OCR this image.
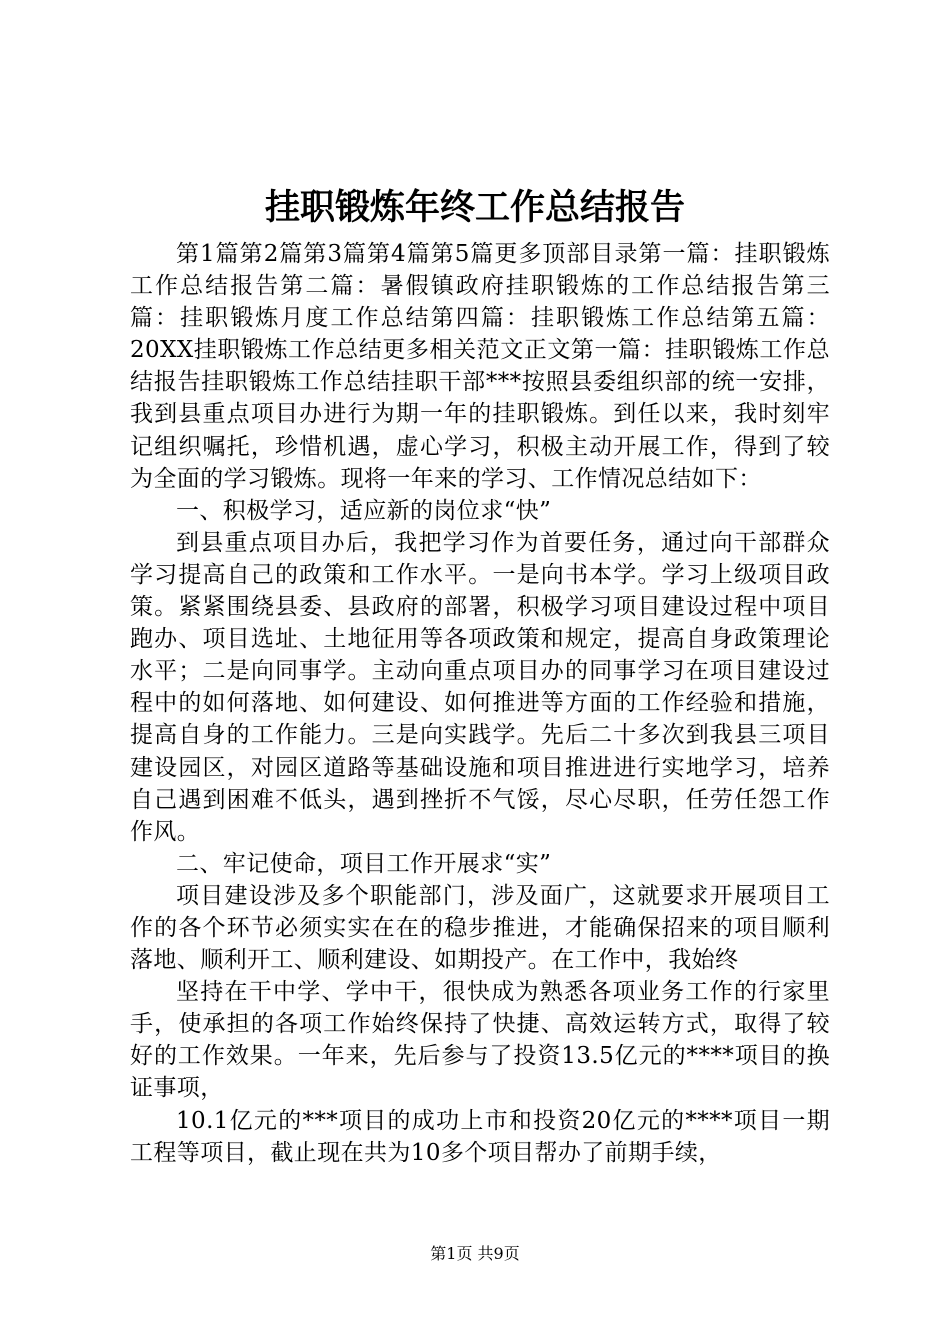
挂职锻炼年终工作总结报告

第1篇第2篇第3篇第4篇第5篇更多顶部目录第一篇：挂职锻炼工作总结报告第二篇：暑假镇政府挂职锻炼的工作总结报告第三篇：挂职锻炼月度工作总结第四篇：挂职锻炼工作总结第五篇：20XX挂职锻炼工作总结更多相关范文正文第一篇：挂职锻炼工作总结报告挂职锻炼工作总结挂职干部***按照县委组织部的统一安排，我到县重点项目办进行为期一年的挂职锻炼。到任以来，我时刻牢记组织嘱托，珍惜机遇，虚心学习，积极主动开展工作，得到了较为全面的学习锻炼。现将一年来的学习、工作情况总结如下：

一、积极学习，适应新的岗位求“快”

到县重点项目办后，我把学习作为首要任务，通过向干部群众学习提高自己的政策和工作水平。一是向书本学。学习上级项目政策。紧紧围绕县委、县政府的部署，积极学习项目建设过程中项目跑办、项目选址、土地征用等各项政策和规定，提高自身政策理论水平；二是向同事学。主动向重点项目办的同事学习在项目建设过程中的如何落地、如何建设、如何推进等方面的工作经验和措施，提高自身的工作能力。三是向实践学。先后二十多次到我县三项目建设园区，对园区道路等基础设施和项目推进进行实地学习，培养自己遇到困难不低头，遇到挫折不气馁，尽心尽职，任劳任怨工作作风。

二、牢记使命，项目工作开展求“实”

项目建设涉及多个职能部门，涉及面广，这就要求开展项目工作的各个环节必须实实在在的稳步推进，才能确保招来的项目顺利落地、顺利开工、顺利建设、如期投产。在工作中，我始终

坚持在干中学、学中干，很快成为熟悉各项业务工作的行家里手，使承担的各项工作始终保持了快捷、高效运转方式，取得了较好的工作效果。一年来，先后参与了投资13.5亿元的****项目的换证事项，

10.1亿元的***项目的成功上市和投资20亿元的****项目一期工程等项目，截止现在共为10多个项目帮办了前期手续，

第1页 共9页
